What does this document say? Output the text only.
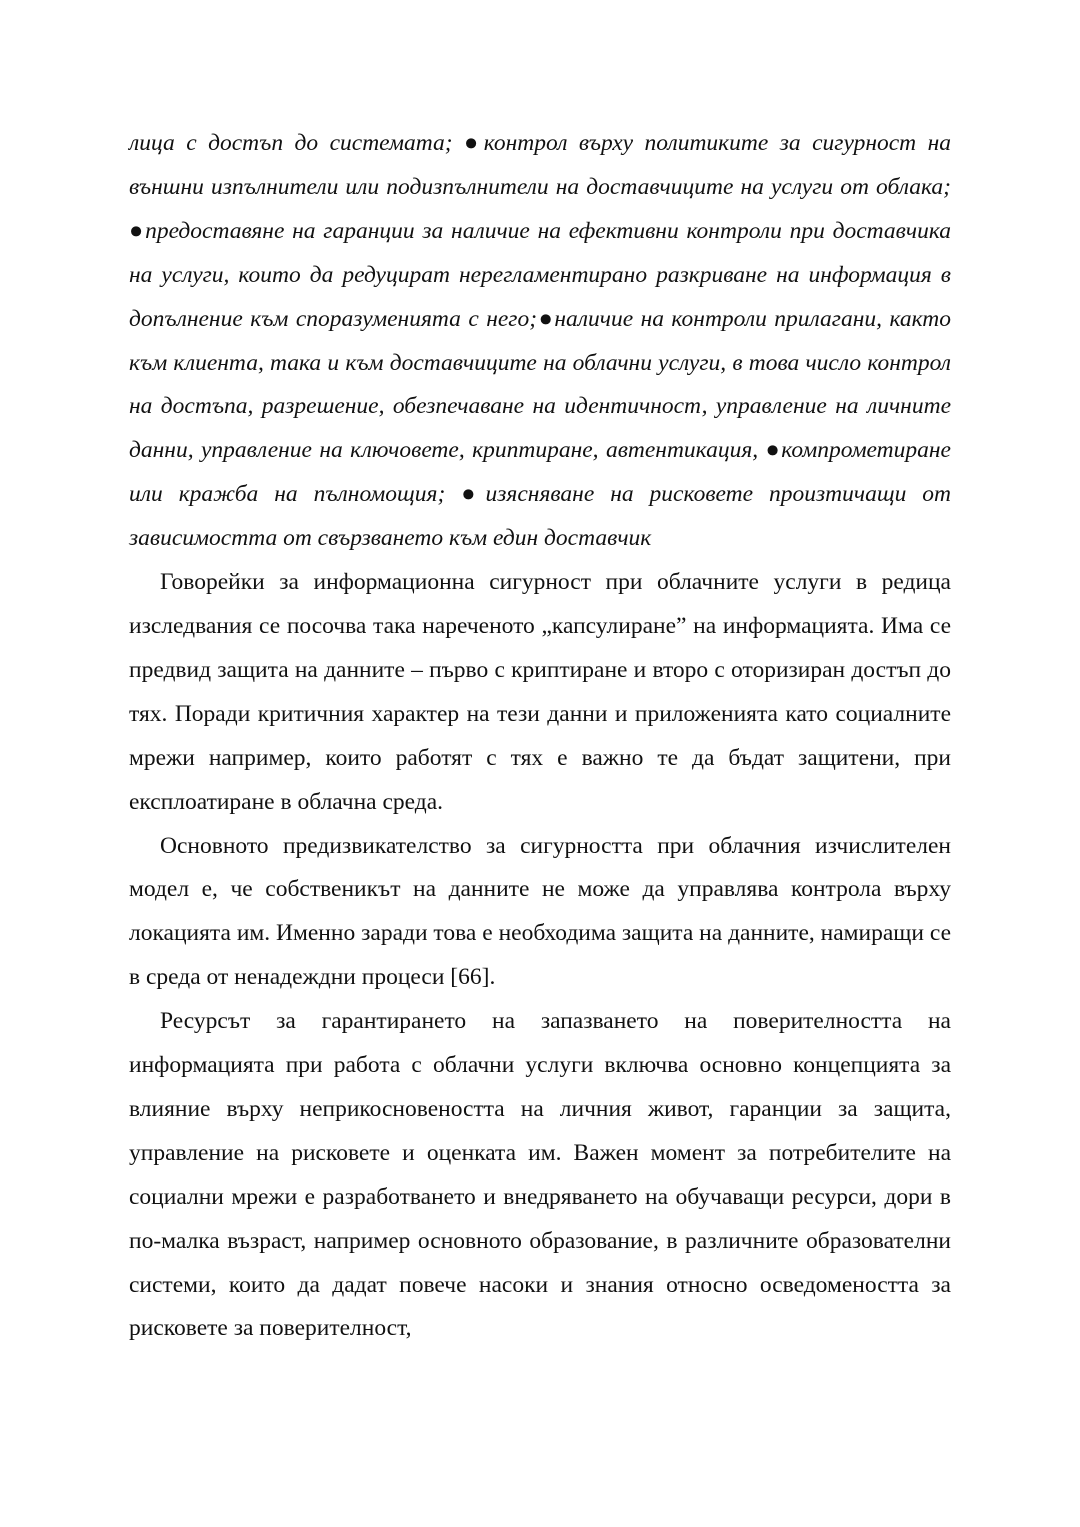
лица с достъп до системата; ●контрол върху политиките за сигурност на външни изпълнители или подизпълнители на доставчиците на услуги от облака; ●предоставяне на гаранции за наличие на ефективни контроли при доставчика на услуги, които да редуцират нерегламентирано разкриване на информация в допълнение към споразуменията с него;●наличие на контроли прилагани, както към клиента, така и към доставчиците на облачни услуги, в това число контрол на достъпа, разрешение, обезпечаване на идентичност, управление на личните данни, управление на ключовете, криптиране, автентикация, ●компрометиране или кражба на пълномощия; ●изясняване на рисковете произтичащи от зависимостта от свързването към един доставчик

Говорейки за информационна сигурност при облачните услуги в редица изследвания се посочва така нареченото „капсулиране” на информацията. Има се предвид защита на данните – първо с криптиране и второ с оторизиран достъп до тях. Поради критичния характер на тези данни и приложенията като социалните мрежи например, които работят с тях е важно те да бъдат защитени, при експлоатиране в облачна среда.

Основното предизвикателство за сигурността при облачния изчислителен модел е, че собственикът на данните не може да управлява контрола върху локацията им. Именно заради това е необходима защита на данните, намиращи се в среда от ненадеждни процеси [66].

Ресурсът за гарантирането на запазването на поверителността на информацията при работа с облачни услуги включва основно концепцията за влияние върху неприкосновеността на личния живот, гаранции за защита, управление на рисковете и оценката им. Важен момент за потребителите на социални мрежи е разработването и внедряването на обучаващи ресурси, дори в по-малка възраст, например основното образование, в различните образователни системи, които да дадат повече насоки и знания относно осведомеността за рисковете за поверителност,
